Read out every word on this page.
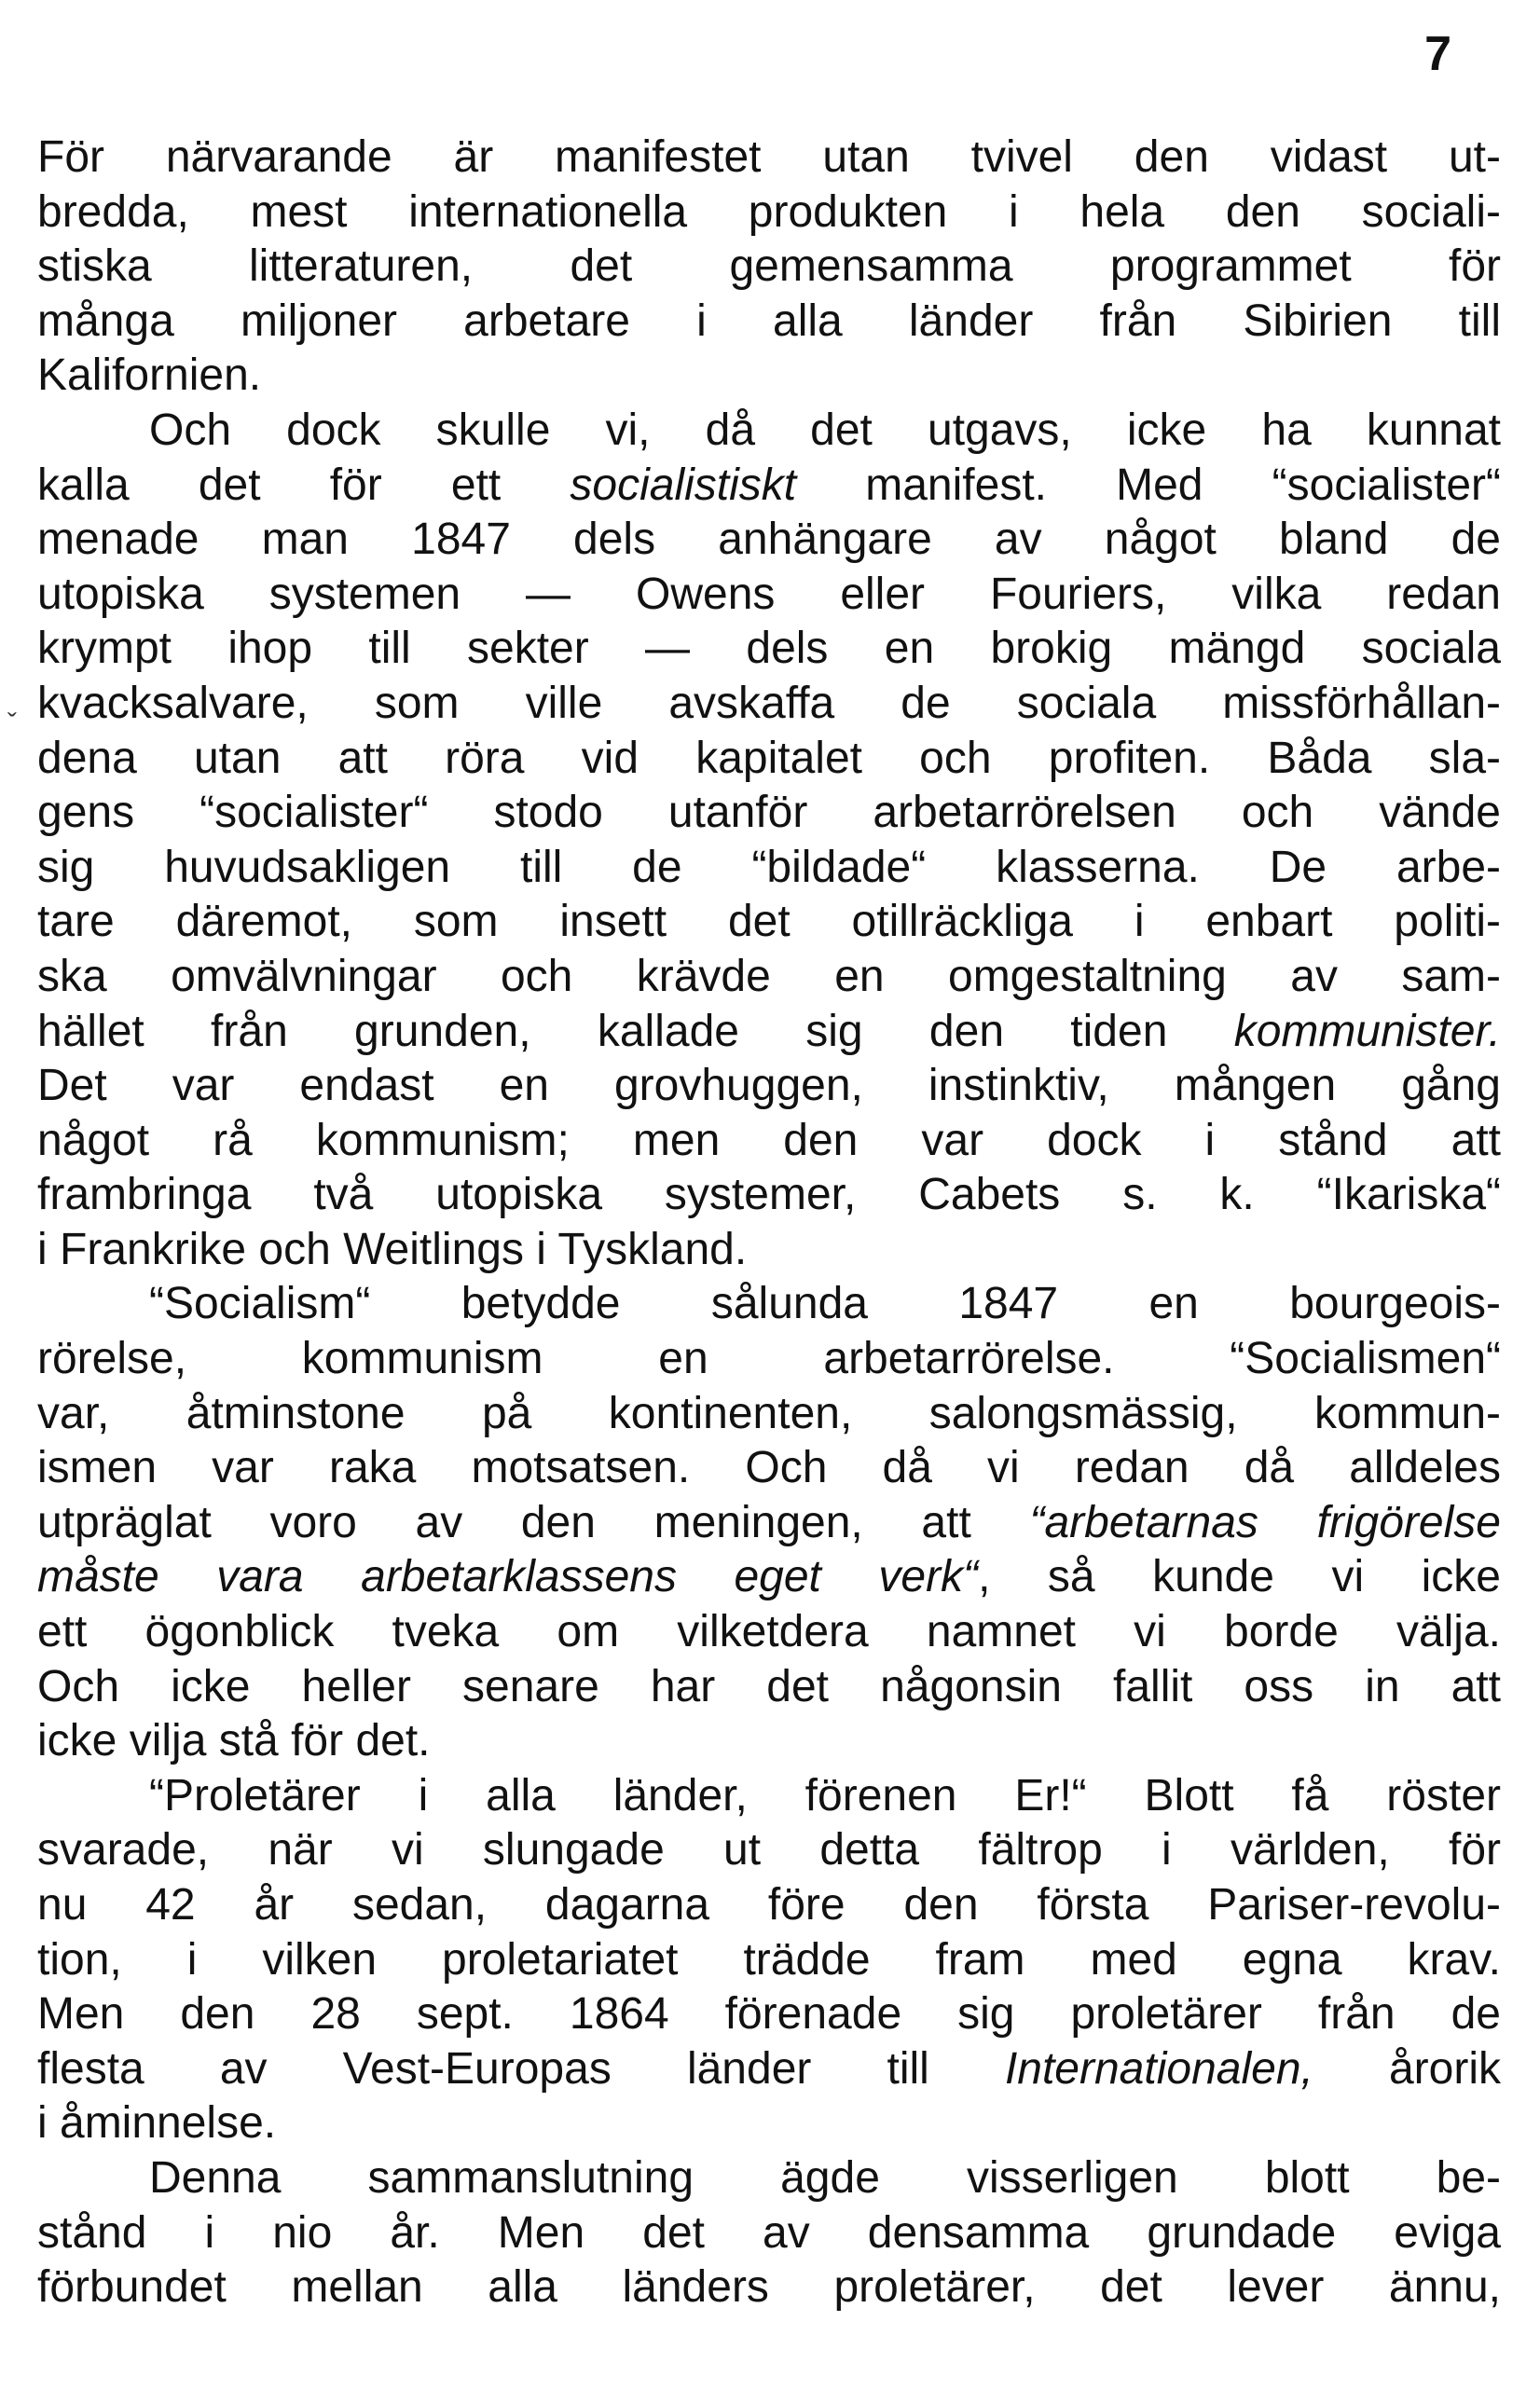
7
ˇ
För närvarande är manifestet utan tvivel den vidast ut-
bredda, mest internationella produkten i hela den sociali-
stiska litteraturen, det gemensamma programmet för
många miljoner arbetare i alla länder från Sibirien till
Kalifornien.
Och dock skulle vi, då det utgavs, icke ha kunnat
kalla det för ett socialistiskt manifest. Med “socialister“
menade man 1847 dels anhängare av något bland de
utopiska systemen — Owens eller Fouriers, vilka redan
krympt ihop till sekter — dels en brokig mängd sociala
kvacksalvare, som ville avskaffa de sociala missförhållan-
dena utan att röra vid kapitalet och profiten. Båda sla-
gens “socialister“ stodo utanför arbetarrörelsen och vände
sig huvudsakligen till de “bildade“ klasserna. De arbe-
tare däremot, som insett det otillräckliga i enbart politi-
ska omvälvningar och krävde en omgestaltning av sam-
hället från grunden, kallade sig den tiden kommunister.
Det var endast en grovhuggen, instinktiv, mången gång
något rå kommunism; men den var dock i stånd att
frambringa två utopiska systemer, Cabets s. k. “Ikariska“
i Frankrike och Weitlings i Tyskland.
“Socialism“ betydde sålunda 1847 en bourgeois-
rörelse, kommunism en arbetarrörelse. “Socialismen“
var, åtminstone på kontinenten, salongsmässig, kommun-
ismen var raka motsatsen. Och då vi redan då alldeles
utpräglat voro av den meningen, att “arbetarnas frigörelse
måste vara arbetarklassens eget verk“, så kunde vi icke
ett ögonblick tveka om vilketdera namnet vi borde välja.
Och icke heller senare har det någonsin fallit oss in att
icke vilja stå för det.
“Proletärer i alla länder, förenen Er!“ Blott få röster
svarade, när vi slungade ut detta fältrop i världen, för
nu 42 år sedan, dagarna före den första Pariser-revolu-
tion, i vilken proletariatet trädde fram med egna krav.
Men den 28 sept. 1864 förenade sig proletärer från de
flesta av Vest-Europas länder till Internationalen, årorik
i åminnelse.
Denna sammanslutning ägde visserligen blott be-
stånd i nio år. Men det av densamma grundade eviga
förbundet mellan alla länders proletärer, det lever ännu,
